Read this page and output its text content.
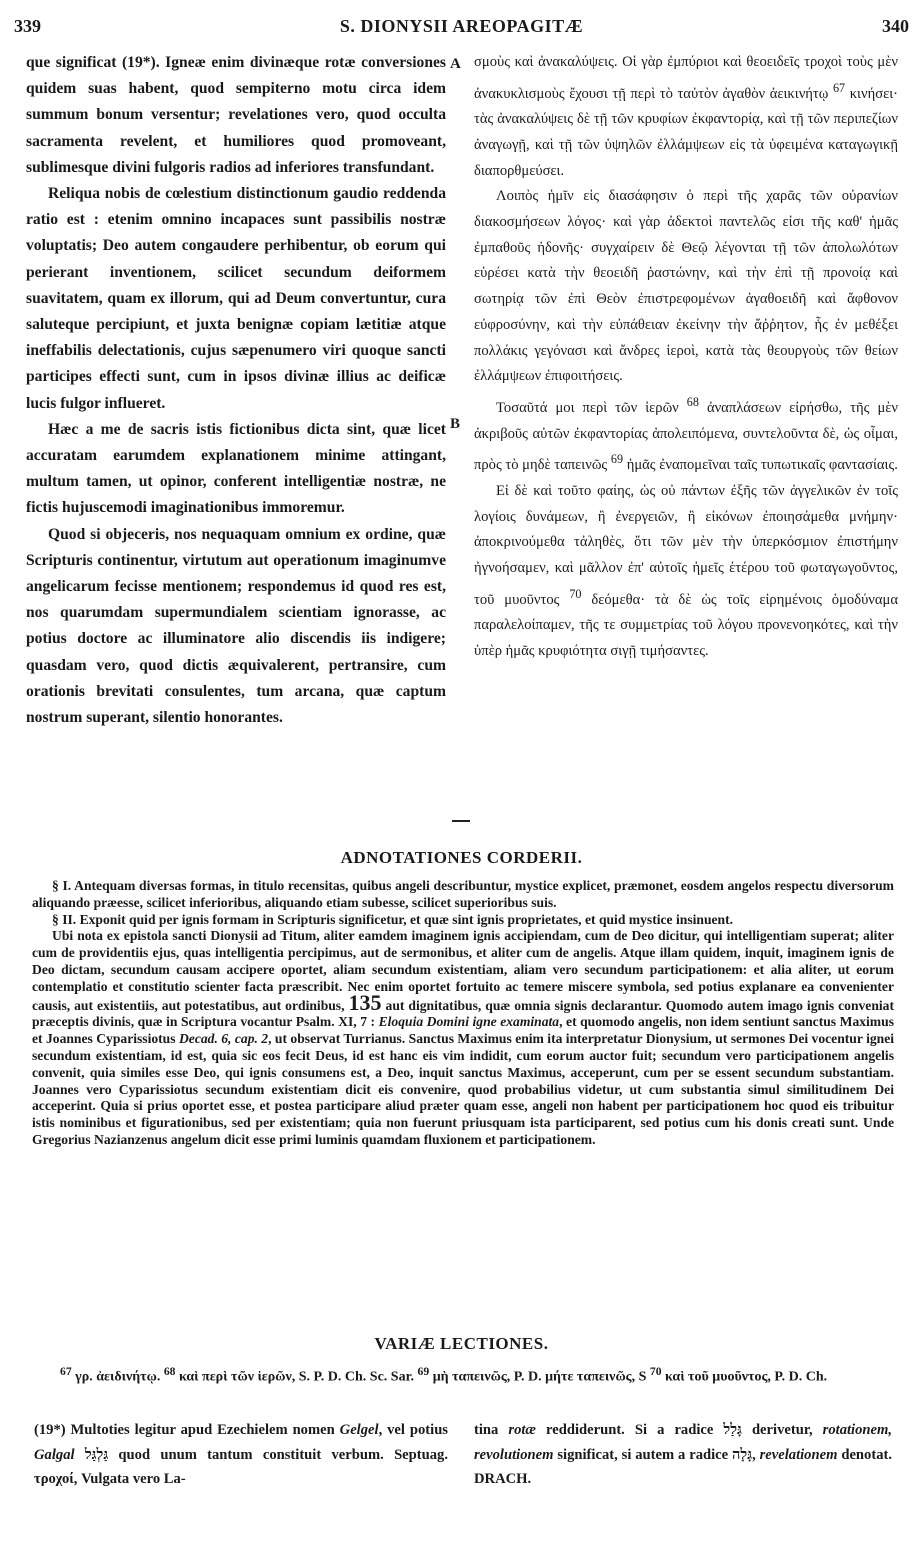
339	S. DIONYSII AREOPAGITÆ	340

que significat (19*). Igneæ enim divinæque rotæ conversiones quidem suas habent, quod sempiterno motu circa idem summum bonum versentur; revelationes vero, quod occulta sacramenta revelent, et humiliores quod promoveant, sublimesque divini fulgoris radios ad inferiores transfundant.

Reliqua nobis de cœlestium distinctionum gaudio reddenda ratio est : etenim omnino incapaces sunt passibilis nostræ voluptatis; Deo autem congaudere perhibentur, ob eorum qui perierant inventionem, scilicet secundum deiformem suavitatem, quam ex illorum, qui ad Deum convertuntur, cura saluteque percipiunt, et juxta benignæ copiam lætitiæ atque ineffabilis delectationis, cujus sæpenumero viri quoque sancti participes effecti sunt, cum in ipsos divinæ illius ac deificæ lucis fulgor influeret.

Hæc a me de sacris istis fictionibus dicta sint, quæ licet accuratam earumdem explanationem minime attingant, multum tamen, ut opinor, conferent intelligentiæ nostræ, ne fictis hujuscemodi imaginationibus immoremur.

Quod si objeceris, nos nequaquam omnium ex ordine, quæ Scripturis continentur, virtutum aut operationum imaginumve angelicarum fecisse mentionem; respondemus id quod res est, nos quarumdam supermundialem scientiam ignorasse, ac potius doctore ac illuminatore alio discendis iis indigere; quasdam vero, quod dictis æquivalerent, pertransire, cum orationis brevitati consulentes, tum arcana, quæ captum nostrum superant, silentio honorantes.

A
B

σμοὺς καὶ ἀνακαλύψεις. Οἱ γὰρ ἐμπύριοι καὶ θεοειδεῖς τροχοὶ τοὺς μὲν ἀνακυκλισμοὺς ἔχουσι τῇ περὶ τὸ ταὐτὸν ἀγαθὸν ἀεικινήτῳ $^{67}$ κινήσει· τὰς ἀνακαλύψεις δὲ τῇ τῶν κρυφίων ἐκφαντορίᾳ, καὶ τῇ τῶν περιπεζίων ἀναγωγῇ, καὶ τῇ τῶν ὑψηλῶν ἐλλάμψεων εἰς τὰ ὑφειμένα καταγωγικῇ διαπορθμεύσει.

Λοιπὸς ἡμῖν εἰς διασάφησιν ὁ περὶ τῆς χαρᾶς τῶν οὐρανίων διακοσμήσεων λόγος· καὶ γὰρ ἀδεκτοὶ παντελῶς εἰσι τῆς καθ' ἡμᾶς ἐμπαθοῦς ἡδονῆς· συγχαίρειν δὲ Θεῷ λέγονται τῇ τῶν ἀπολωλότων εὑρέσει κατὰ τὴν θεοειδῆ ῥαστώνην, καὶ τὴν ἐπὶ τῇ προνοίᾳ καὶ σωτηρίᾳ τῶν ἐπὶ Θεὸν ἐπιστρεφομένων ἀγαθοειδῆ καὶ ἄφθονον εὐφροσύνην, καὶ τὴν εὐπάθειαν ἐκείνην τὴν ἄῤῥητον, ἧς ἐν μεθέξει πολλάκις γεγόνασι καὶ ἄνδρες ἱεροὶ, κατὰ τὰς θεουργοὺς τῶν θείων ἐλλάμψεων ἐπιφοιτήσεις.

Τοσαῦτά μοι περὶ τῶν ἱερῶν $^{68}$ ἀναπλάσεων εἰρήσθω, τῆς μὲν ἀκριβοῦς αὐτῶν ἐκφαντορίας ἀπολειπόμενα, συντελοῦντα δὲ, ὡς οἶμαι, πρὸς τὸ μηδὲ ταπεινῶς $^{69}$ ἡμᾶς ἐναπομεῖναι ταῖς τυπωτικαῖς φαντασίαις.

Εἰ δὲ καὶ τοῦτο φαίης, ὡς οὐ πάντων ἐξῆς τῶν ἀγγελικῶν ἐν τοῖς λογίοις δυνάμεων, ἢ ἐνεργειῶν, ἢ εἰκόνων ἐποιησάμεθα μνήμην· ἀποκρινούμεθα τἀληθὲς, ὅτι τῶν μὲν τὴν ὑπερκόσμιον ἐπιστήμην ἠγνοήσαμεν, καὶ μᾶλλον ἐπ' αὐτοῖς ἡμεῖς ἑτέρου τοῦ φωταγωγοῦντος, τοῦ μυοῦντος $^{70}$ δεόμεθα· τὰ δὲ ὡς τοῖς εἰρημένοις ὁμοδύναμα παραλελοίπαμεν, τῆς τε συμμετρίας τοῦ λόγου προνενοηκότες, καὶ τὴν ὑπὲρ ἡμᾶς κρυφιότητα σιγῇ τιμήσαντες.

ADNOTATIONES CORDERII.

§ I. Antequam diversas formas, in titulo recensitas, quibus angeli describuntur, mystice explicet, præmonet, eosdem angelos respectu diversorum aliquando præesse, scilicet inferioribus, aliquando etiam subesse, scilicet superioribus suis.

§ II. Exponit quid per ignis formam in Scripturis significetur, et quæ sint ignis proprietates, et quid mystice insinuent.

Ubi nota ex epistola sancti Dionysii ad Titum, aliter eamdem imaginem ignis accipiendam, cum de Deo dicitur, qui intelligentiam superat; aliter cum de providentiis ejus, quas intelligentia percipimus, aut de sermonibus, et aliter cum de angelis. Atque illam quidem, inquit, imaginem ignis de Deo dictam, secundum causam accipere oportet, aliam secundum existentiam, aliam vero secundum participationem: et alia aliter, ut eorum contemplatio et constitutio scienter facta præscribit. Nec enim oportet fortuito ac temere miscere symbola, sed potius explanare ea convenienter causis, aut existentiis, aut potestatibus, aut ordinibus, 135 aut dignitatibus, quæ omnia signis declarantur. Quomodo autem imago ignis conveniat præceptis divinis, quæ in Scriptura vocantur Psalm. XI, 7 : Eloquia Domini igne examinata, et quomodo angelis, non idem sentiunt sanctus Maximus et Joannes Cyparissiotus Decad. 6, cap. 2, ut observat Turrianus. Sanctus Maximus enim ita interpretatur Dionysium, ut sermones Dei vocentur ignei secundum existentiam, id est, quia sic eos fecit Deus, id est hanc eis vim indidit, cum eorum auctor fuit; secundum vero participationem angelis convenit, quia similes esse Deo, qui ignis consumens est, a Deo, inquit sanctus Maximus, acceperunt, cum per se essent secundum substantiam. Joannes vero Cyparissiotus secundum existentiam dicit eis convenire, quod probabilius videtur, ut cum substantia simul similitudinem Dei acceperint. Quia si prius oportet esse, et postea participare aliud præter quam esse, angeli non habent per participationem hoc quod eis tribuitur istis nominibus et figurationibus, sed per existentiam; quia non fuerunt priusquam ista participarent, sed potius cum his donis creati sunt. Unde Gregorius Nazianzenus angelum dicit esse primi luminis quamdam fluxionem et participationem.

VARIÆ LECTIONES.

$^{67}$ γρ. ἀειδινήτῳ. $^{68}$ καὶ περὶ τῶν ἱερῶν, S. P. D. Ch. Sc. Sar. $^{69}$ μὴ ταπεινῶς, P. D. μήτε ταπεινῶς, S $^{70}$ καὶ τοῦ μυοῦντος, P. D. Ch.

(19*) Multoties legitur apud Ezechielem nomen Gelgel, vel potius Galgal גַּלְגַּל quod unum tantum constituit verbum. Septuag. τροχοί, Vulgata vero La-

tina rotæ reddiderunt. Si a radice גָּלַל derivetur, rotationem, revolutionem significat, si autem a radice גָּלָה, revelationem denotat. DRACH.
